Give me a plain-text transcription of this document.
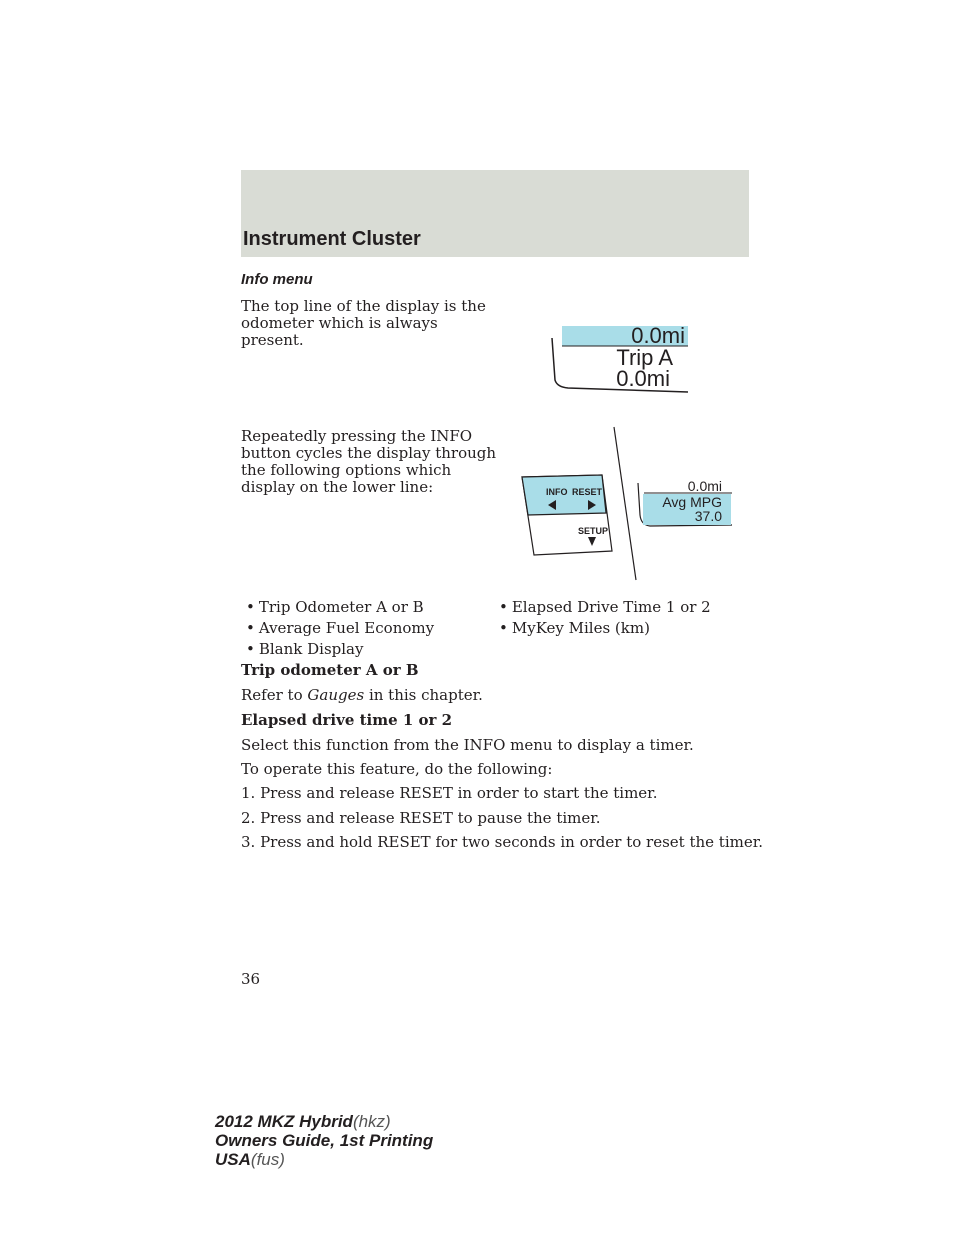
Instrument Cluster
Info menu

The top line of the display is the odometer which is always present.	0.0mi
Trip A
0.0mi

Repeatedly pressing the INFO button cycles the display through the following options which display on the lower line:	INFO RESET
SETUP
0.0mi
Avg MPG
37.0
• Trip Odometer A or B
• Average Fuel Economy
• Blank Display
• Elapsed Drive Time 1 or 2
• MyKey Miles (km)

Trip odometer A or B

Refer to Gauges in this chapter.

Elapsed drive time 1 or 2

Select this function from the INFO menu to display a timer.

To operate this feature, do the following:

1. Press and release RESET in order to start the timer.

2. Press and release RESET to pause the timer.

3. Press and hold RESET for two seconds in order to reset the timer.

36
2012 MKZ Hybrid(hkz)
Owners Guide, 1st Printing
USA(fus)
